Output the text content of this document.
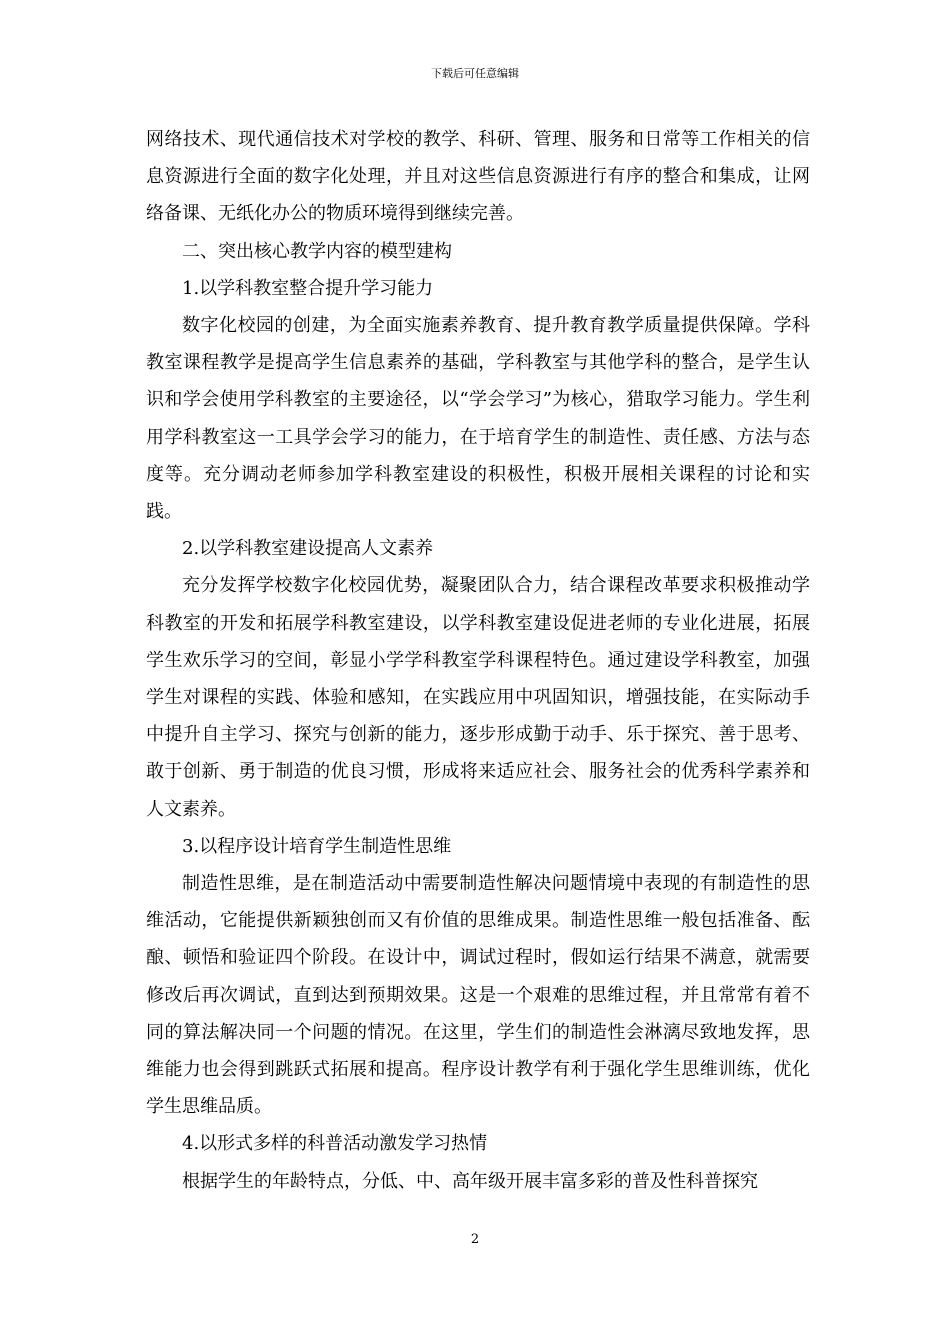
下载后可任意编辑

网络技术、现代通信技术对学校的教学、科研、管理、服务和日常等工作相关的信息资源进行全面的数字化处理，并且对这些信息资源进行有序的整合和集成，让网络备课、无纸化办公的物质环境得到继续完善。

二、突出核心教学内容的模型建构

1.以学科教室整合提升学习能力

数字化校园的创建，为全面实施素养教育、提升教育教学质量提供保障。学科教室课程教学是提高学生信息素养的基础，学科教室与其他学科的整合，是学生认识和学会使用学科教室的主要途径，以“学会学习”为核心，猎取学习能力。学生利用学科教室这一工具学会学习的能力，在于培育学生的制造性、责任感、方法与态度等。充分调动老师参加学科教室建设的积极性，积极开展相关课程的讨论和实践。

2.以学科教室建设提高人文素养

充分发挥学校数字化校园优势，凝聚团队合力，结合课程改革要求积极推动学科教室的开发和拓展学科教室建设，以学科教室建设促进老师的专业化进展，拓展学生欢乐学习的空间，彰显小学学科教室学科课程特色。通过建设学科教室，加强学生对课程的实践、体验和感知，在实践应用中巩固知识，增强技能，在实际动手中提升自主学习、探究与创新的能力，逐步形成勤于动手、乐于探究、善于思考、敢于创新、勇于制造的优良习惯，形成将来适应社会、服务社会的优秀科学素养和人文素养。

3.以程序设计培育学生制造性思维

制造性思维，是在制造活动中需要制造性解决问题情境中表现的有制造性的思维活动，它能提供新颖独创而又有价值的思维成果。制造性思维一般包括准备、酝酿、顿悟和验证四个阶段。在设计中，调试过程时，假如运行结果不满意，就需要修改后再次调试，直到达到预期效果。这是一个艰难的思维过程，并且常常有着不同的算法解决同一个问题的情况。在这里，学生们的制造性会淋漓尽致地发挥，思维能力也会得到跳跃式拓展和提高。程序设计教学有利于强化学生思维训练，优化学生思维品质。

4.以形式多样的科普活动激发学习热情

根据学生的年龄特点，分低、中、高年级开展丰富多彩的普及性科普探究

2
